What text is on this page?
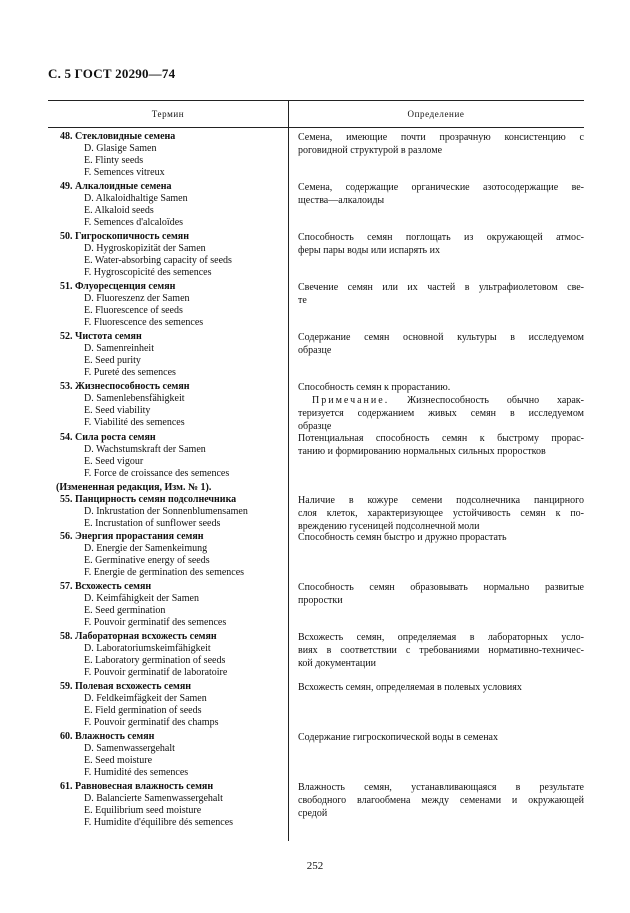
С. 5 ГОСТ 20290—74
Термин	Определение
48. Стекловидные семена
D. Glasige Samen
E. Flinty seeds
F. Semences vitreux
Семена, имеющие почти прозрачную консистенцию с
роговидной структурой в разломе
49. Алкалоидные семена
D. Alkaloidhaltige Samen
E. Alkaloid seeds
F. Semences d'alcaloïdes
Семена, содержащие органические азотосодержащие ве-
щества—алкалоиды
50. Гигроскопичность семян
D. Hygroskopizität der Samen
E. Water-absorbing capacity of seeds
F. Hygroscopicité des semences
Способность семян поглощать из окружающей атмос-
феры пары воды или испарять их
51. Флуоресценция семян
D. Fluoreszenz der Samen
E. Fluorescence of seeds
F. Fluorescence des semences
Свечение семян или их частей в ультрафиолетовом све-
те
52. Чистота семян
D. Samenreinheit
E. Seed purity
F. Pureté des semences
Содержание семян основной культуры в исследуемом
образце
53. Жизнеспособность семян
D. Samenlebensfähigkeit
E. Seed viability
F. Viabilité des semences
Способность семян к прорастанию.
Примечание. Жизнеспособность обычно харак-
теризуется содержанием живых семян в исследуемом
образце
54. Сила роста семян
D. Wachstumskraft der Samen
E. Seed vigour
F. Force de croissance des semences
Потенциальная способность семян к быстрому прорас-
танию и формированию нормальных сильных проростков
(Измененная редакция, Изм. № 1).
55. Панцирность семян подсолнечника
D. Inkrustation der Sonnenblumensamen
E. Incrustation of sunflower seeds
Наличие в кожуре семени подсолнечника панцирного
слоя клеток, характеризующее устойчивость семян к по-
вреждению гусеницей подсолнечной моли
56. Энергия прорастания семян
D. Energie der Samenkeimung
E. Germinative energy of seeds
F. Energie de germination des semences
Способность семян быстро и дружно прорастать
57. Всхожесть семян
D. Keimfähigkeit der Samen
E. Seed germination
F. Pouvoir germinatif des semences
Способность семян образовывать нормально развитые
проростки
58. Лабораторная всхожесть семян
D. Laboratoriumskeimfähigkeit
E. Laboratory germination of seeds
F. Pouvoir germinatif de laboratoire
Всхожесть семян, определяемая в лабораторных усло-
виях в соответствии с требованиями нормативно-техничес-
кой документации
59. Полевая всхожесть семян
D. Feldkeimfägkeit der Samen
E. Field germination of seeds
F. Pouvoir germinatif des champs
Всхожесть семян, определяемая в полевых условиях
60. Влажность семян
D. Samenwassergehalt
E. Seed moisture
F. Humidité des semences
Содержание гигроскопической воды в семенах
61. Равновесная влажность семян
D. Balancierte Samenwassergehalt
E. Equilibrium seed moisture
F. Humidite d'équilibre dés semences
Влажность семян, устанавливающаяся в результате
свободного влагообмена между семенами и окружающей
средой
252
